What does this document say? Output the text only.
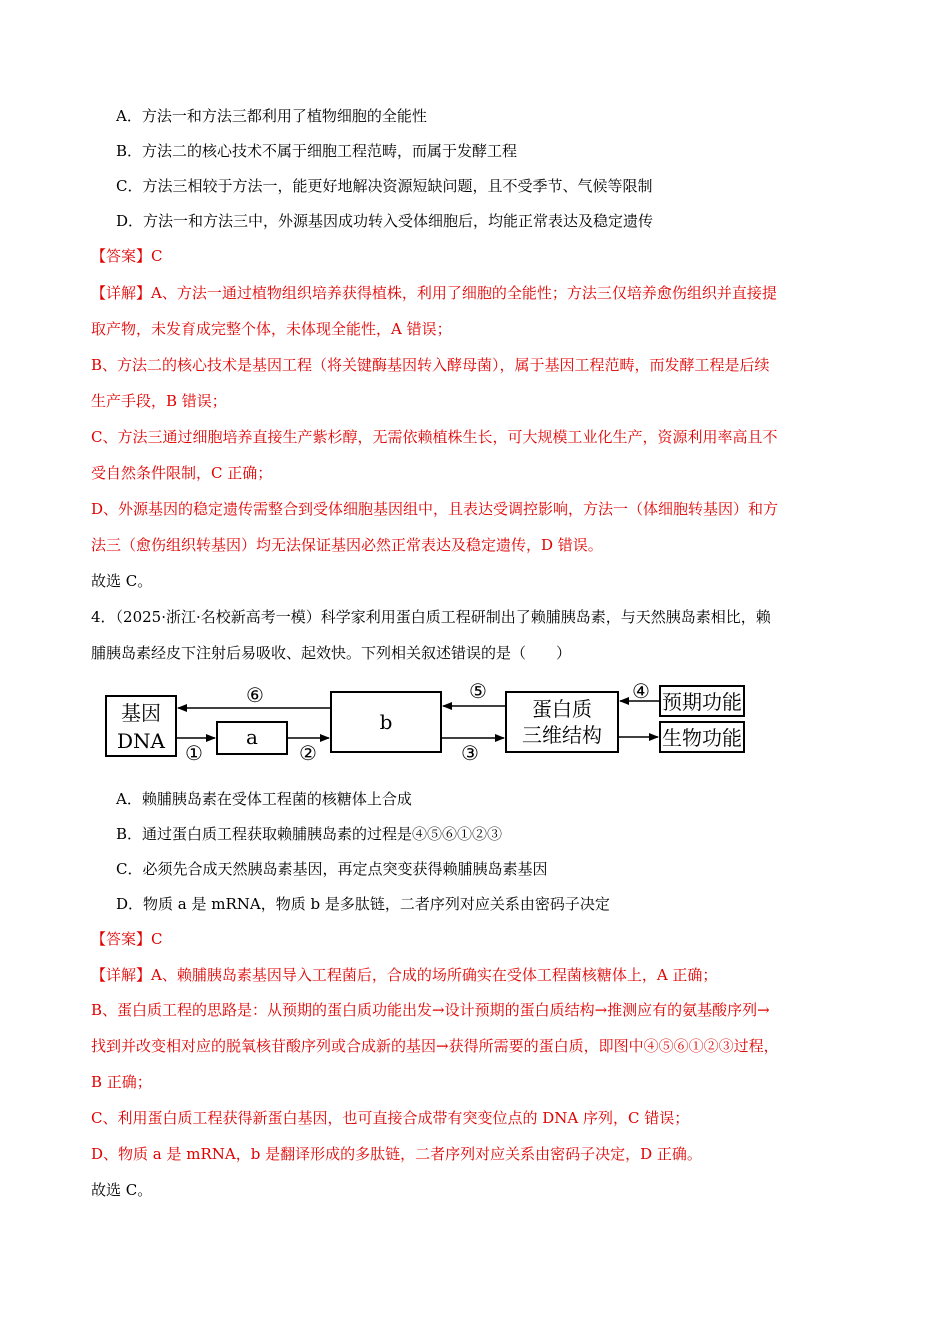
A．方法一和方法三都利用了植物细胞的全能性
B．方法二的核心技术不属于细胞工程范畴，而属于发酵工程
C．方法三相较于方法一，能更好地解决资源短缺问题，且不受季节、气候等限制
D．方法一和方法三中，外源基因成功转入受体细胞后，均能正常表达及稳定遗传
【答案】C
【详解】A、方法一通过植物组织培养获得植株，利用了细胞的全能性；方法三仅培养愈伤组织并直接提
取产物，未发育成完整个体，未体现全能性，A 错误；
B、方法二的核心技术是基因工程（将关键酶基因转入酵母菌），属于基因工程范畴，而发酵工程是后续
生产手段，B 错误；
C、方法三通过细胞培养直接生产紫杉醇，无需依赖植株生长，可大规模工业化生产，资源利用率高且不
受自然条件限制，C 正确；
D、外源基因的稳定遗传需整合到受体细胞基因组中，且表达受调控影响，方法一（体细胞转基因）和方
法三（愈伤组织转基因）均无法保证基因必然正常表达及稳定遗传，D 错误。
故选 C。
4．（2025·浙江·名校新高考一模）科学家利用蛋白质工程研制出了赖脯胰岛素，与天然胰岛素相比，赖
脯胰岛素经皮下注射后易吸收、起效快。下列相关叙述错误的是（　　）
基因
DNA	a
b
蛋白质
三维结构
预期功能
生物功能
⑥
①	②
⑤
③
④
A．赖脯胰岛素在受体工程菌的核糖体上合成
B．通过蛋白质工程获取赖脯胰岛素的过程是④⑤⑥①②③
C．必须先合成天然胰岛素基因，再定点突变获得赖脯胰岛素基因
D．物质 a 是 mRNA，物质 b 是多肽链，二者序列对应关系由密码子决定
【答案】C
【详解】A、赖脯胰岛素基因导入工程菌后，合成的场所确实在受体工程菌核糖体上，A 正确；
B、蛋白质工程的思路是：从预期的蛋白质功能出发→设计预期的蛋白质结构→推测应有的氨基酸序列→
找到并改变相对应的脱氧核苷酸序列或合成新的基因→获得所需要的蛋白质，即图中④⑤⑥①②③过程，
B 正确；
C、利用蛋白质工程获得新蛋白基因，也可直接合成带有突变位点的 DNA 序列，C 错误；
D、物质 a 是 mRNA，b 是翻译形成的多肽链，二者序列对应关系由密码子决定，D 正确。
故选 C。
